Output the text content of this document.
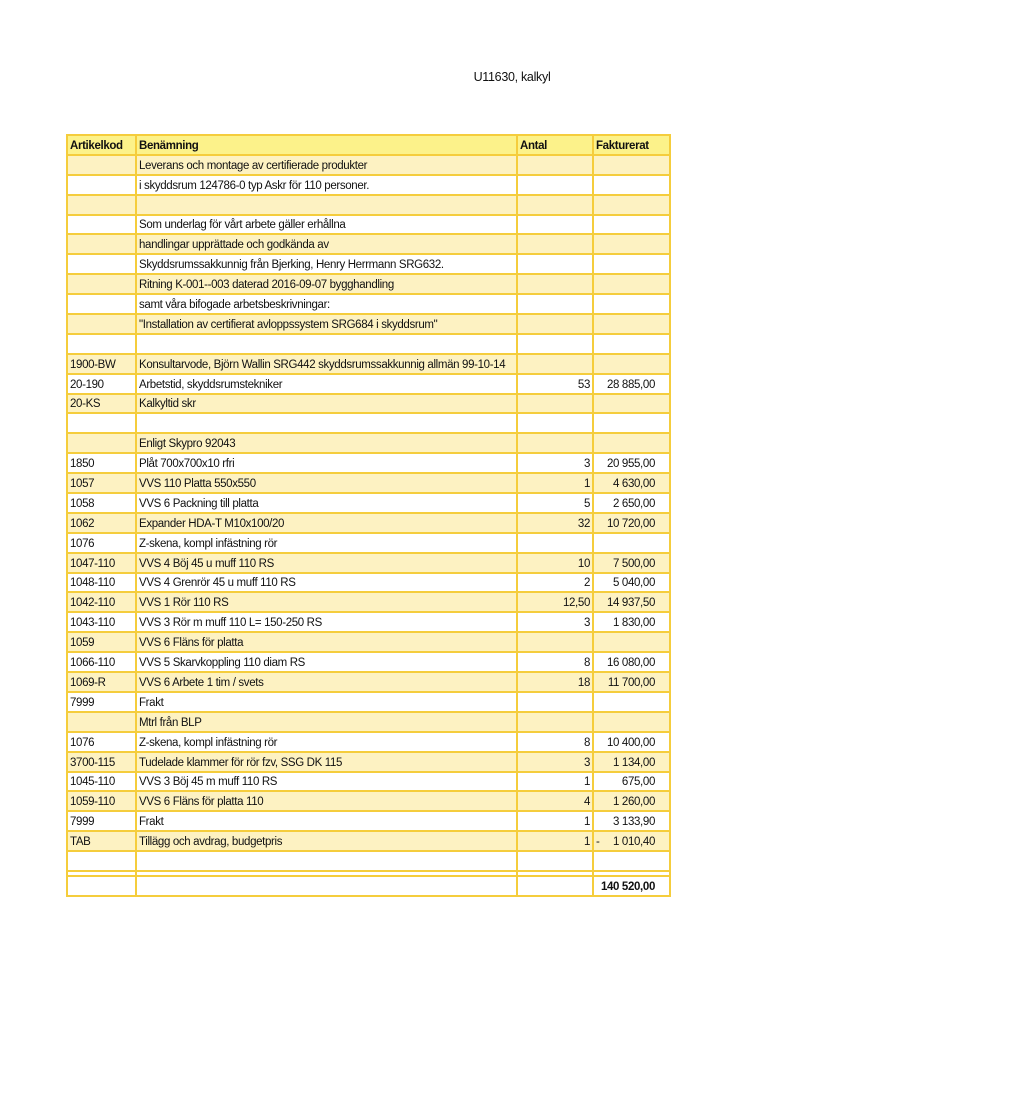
U11630, kalkyl
Artikelkod	Benämning	Antal	Fakturerat
	Leverans och montage av certifierade produkter		

	i skyddsrum 124786-0 typ Askr för 110 personer.		

	Som underlag för vårt arbete gäller erhållna		

	handlingar upprättade och godkända av		

	Skyddsrumssakkunnig från Bjerking, Henry Herrmann SRG632.		

	Ritning K-001--003 daterad 2016-09-07 bygghandling		

	samt våra bifogade arbetsbeskrivningar:		

	"Installation av certifierat avloppssystem SRG684 i skyddsrum"		

1900-BW	Konsultarvode, Björn Wallin SRG442 skyddsrumssakkunnig allmän 99-10-14		

20-190	Arbetstid, skyddsrumstekniker	53	28 885,00
20-KS	Kalkyltid skr		

	Enligt Skypro 92043		

1850	Plåt 700x700x10 rfri	3	20 955,00
1057	VVS 110 Platta 550x550	1	4 630,00
1058	VVS 6 Packning till platta	5	2 650,00
1062	Expander HDA-T M10x100/20	32	10 720,00
1076	Z-skena, kompl infästning rör		

1047-110	VVS 4 Böj 45 u muff 110 RS	10	7 500,00
1048-110	VVS 4 Grenrör 45 u muff 110 RS	2	5 040,00
1042-110	VVS 1 Rör 110 RS	12,50	14 937,50
1043-110	VVS 3 Rör m muff 110 L= 150-250 RS	3	1 830,00
1059	VVS 6 Fläns för platta		

1066-110	VVS 5 Skarvkoppling 110 diam RS	8	16 080,00
1069-R	VVS 6 Arbete 1 tim / svets	18	11 700,00
7999	Frakt		

	Mtrl från BLP		

1076	Z-skena, kompl infästning rör	8	10 400,00
3700-115	Tudelade klammer för rör fzv, SSG DK 115	3	1 134,00
1045-110	VVS 3 Böj 45 m muff 110 RS	1	675,00
1059-110	VVS 6 Fläns för platta 110	4	1 260,00
7999	Frakt	1	3 133,90
TAB	Tillägg och avdrag, budgetpris	1	- 1 010,40

			140 520,00
